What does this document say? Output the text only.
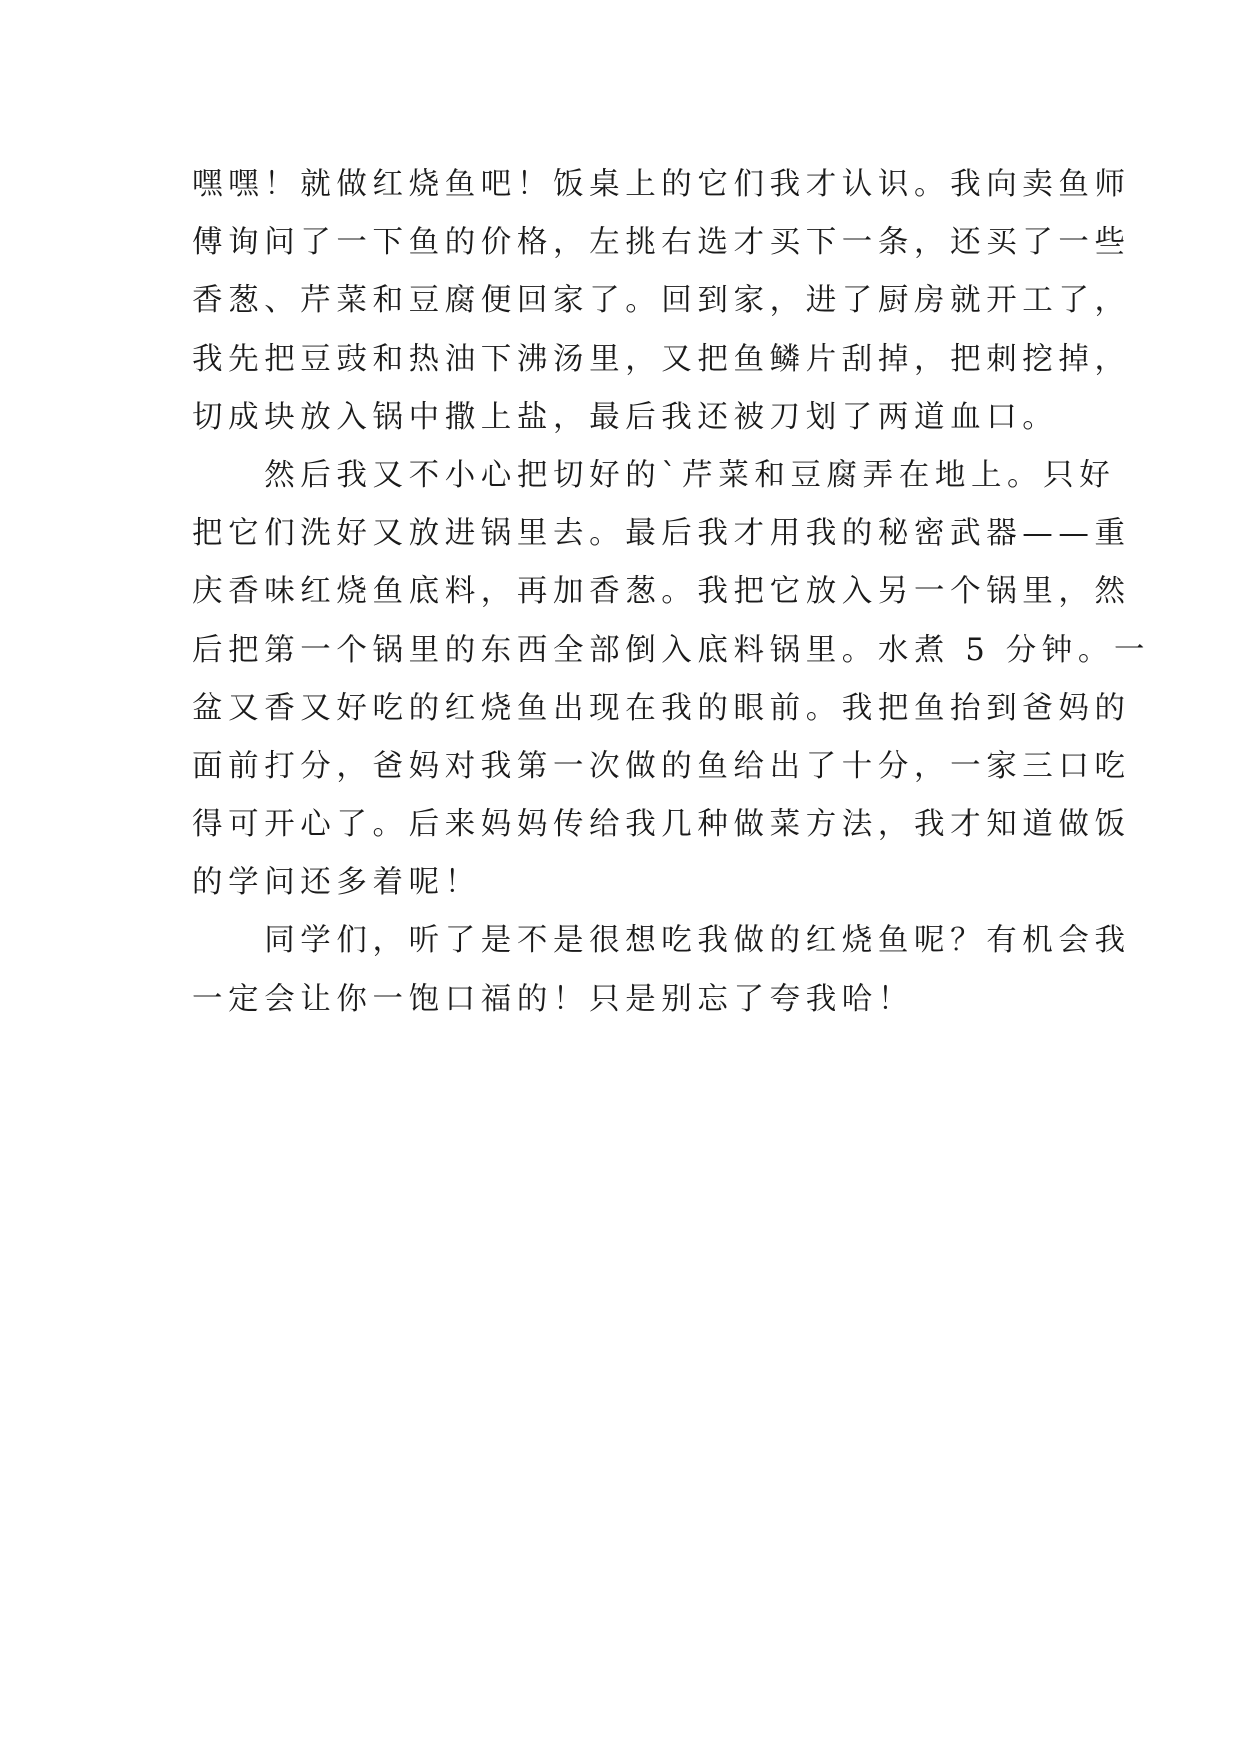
嘿嘿！就做红烧鱼吧！饭桌上的它们我才认识。我向卖鱼师
傅询问了一下鱼的价格，左挑右选才买下一条，还买了一些
香葱、芹菜和豆腐便回家了。回到家，进了厨房就开工了，
我先把豆豉和热油下沸汤里，又把鱼鳞片刮掉，把刺挖掉，
切成块放入锅中撒上盐，最后我还被刀划了两道血口。
　　然后我又不小心把切好的`芹菜和豆腐弄在地上。只好
把它们洗好又放进锅里去。最后我才用我的秘密武器——重
庆香味红烧鱼底料，再加香葱。我把它放入另一个锅里，然
后把第一个锅里的东西全部倒入底料锅里。水煮 5 分钟。一
盆又香又好吃的红烧鱼出现在我的眼前。我把鱼抬到爸妈的
面前打分，爸妈对我第一次做的鱼给出了十分，一家三口吃
得可开心了。后来妈妈传给我几种做菜方法，我才知道做饭
的学问还多着呢！
　　同学们，听了是不是很想吃我做的红烧鱼呢？有机会我
一定会让你一饱口福的！只是别忘了夸我哈！
